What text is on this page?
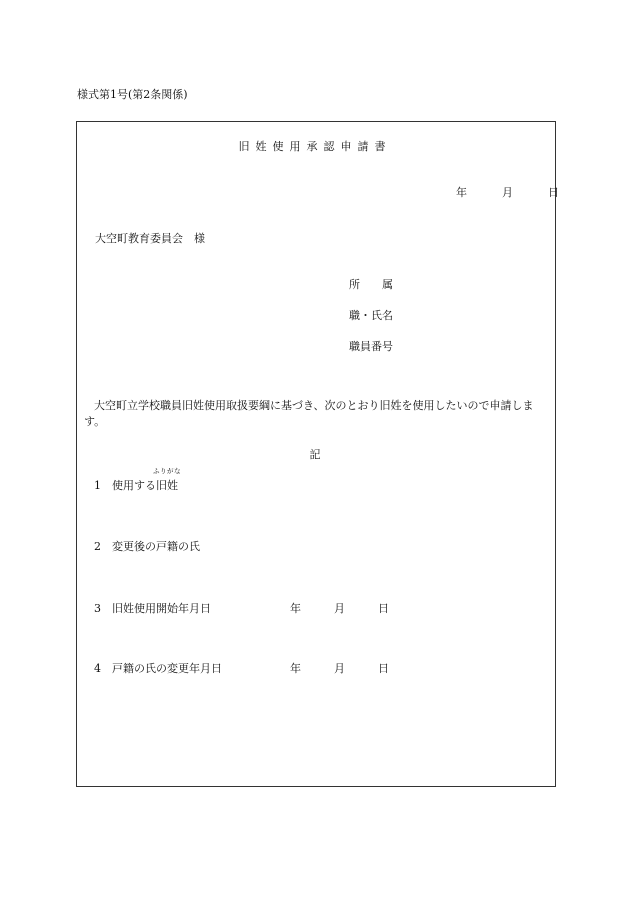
様式第1号(第2条関係)
旧姓使用承認申請書
年	月	日
大空町教育委員会　様
所　　属
職・氏名
職員番号
大空町立学校職員旧姓使用取扱要綱に基づき、次のとおり旧姓を使用したいので申請します。
記
1 使用する
ふりがな
旧姓
2 変更後の戸籍の氏
3 旧姓使用開始年月日	年	月	日
4 戸籍の氏の変更年月日	年	月	日
